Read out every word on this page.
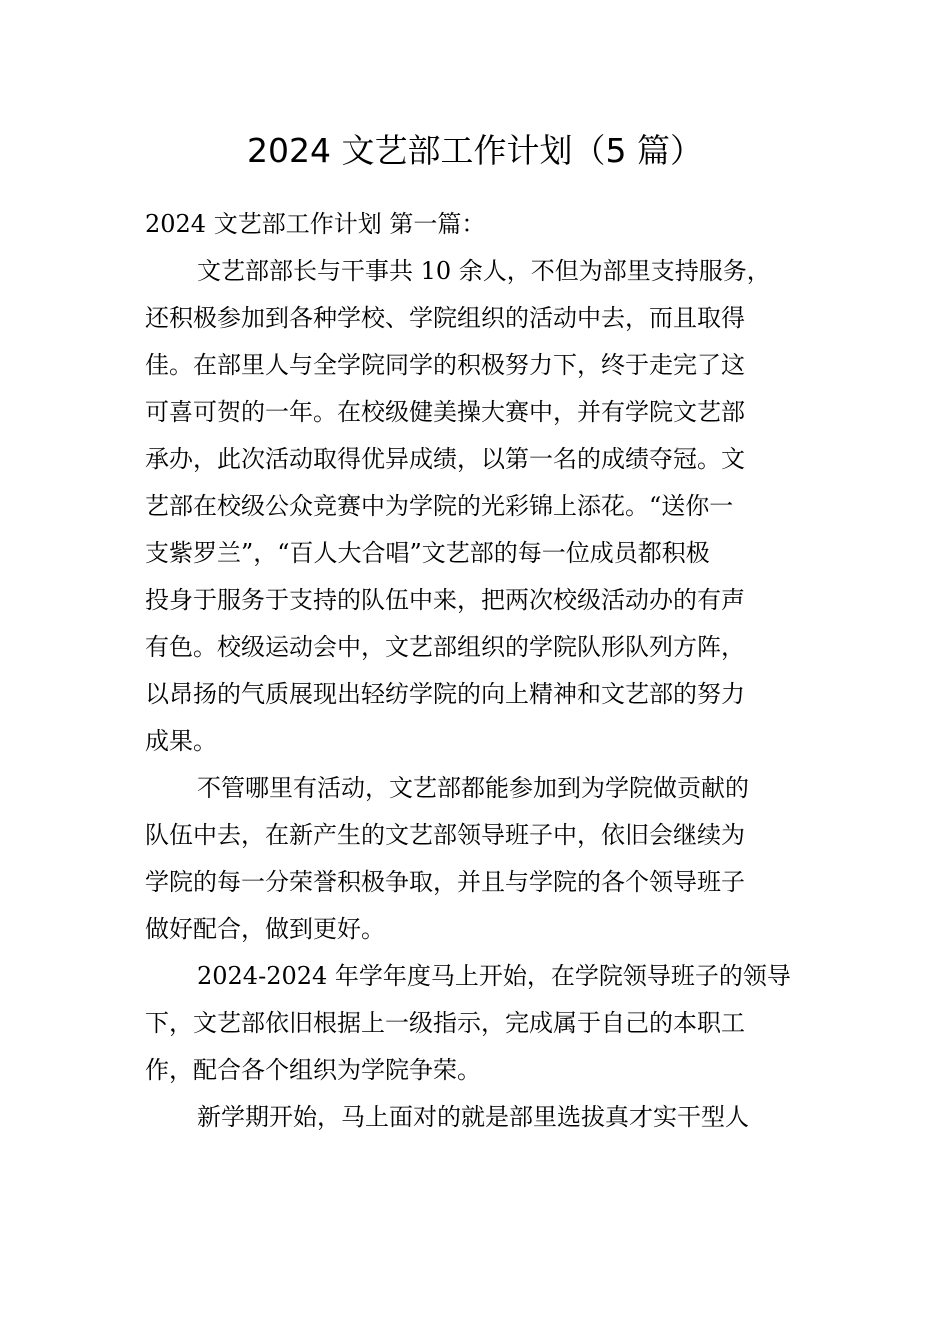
2024 文艺部工作计划（5 篇）
2024 文艺部工作计划 第一篇：
文艺部部长与干事共 10 余人，不但为部里支持服务，
还积极参加到各种学校、学院组织的活动中去，而且取得
佳。在部里人与全学院同学的积极努力下，终于走完了这
可喜可贺的一年。在校级健美操大赛中，并有学院文艺部
承办，此次活动取得优异成绩，以第一名的成绩夺冠。文
艺部在校级公众竞赛中为学院的光彩锦上添花。“送你一
支紫罗兰”，“百人大合唱”文艺部的每一位成员都积极
投身于服务于支持的队伍中来，把两次校级活动办的有声
有色。校级运动会中，文艺部组织的学院队形队列方阵，
以昂扬的气质展现出轻纺学院的向上精神和文艺部的努力
成果。
不管哪里有活动，文艺部都能参加到为学院做贡献的
队伍中去，在新产生的文艺部领导班子中，依旧会继续为
学院的每一分荣誉积极争取，并且与学院的各个领导班子
做好配合，做到更好。
2024-2024 年学年度马上开始，在学院领导班子的领导
下，文艺部依旧根据上一级指示，完成属于自己的本职工
作，配合各个组织为学院争荣。
新学期开始，马上面对的就是部里选拔真才实干型人
